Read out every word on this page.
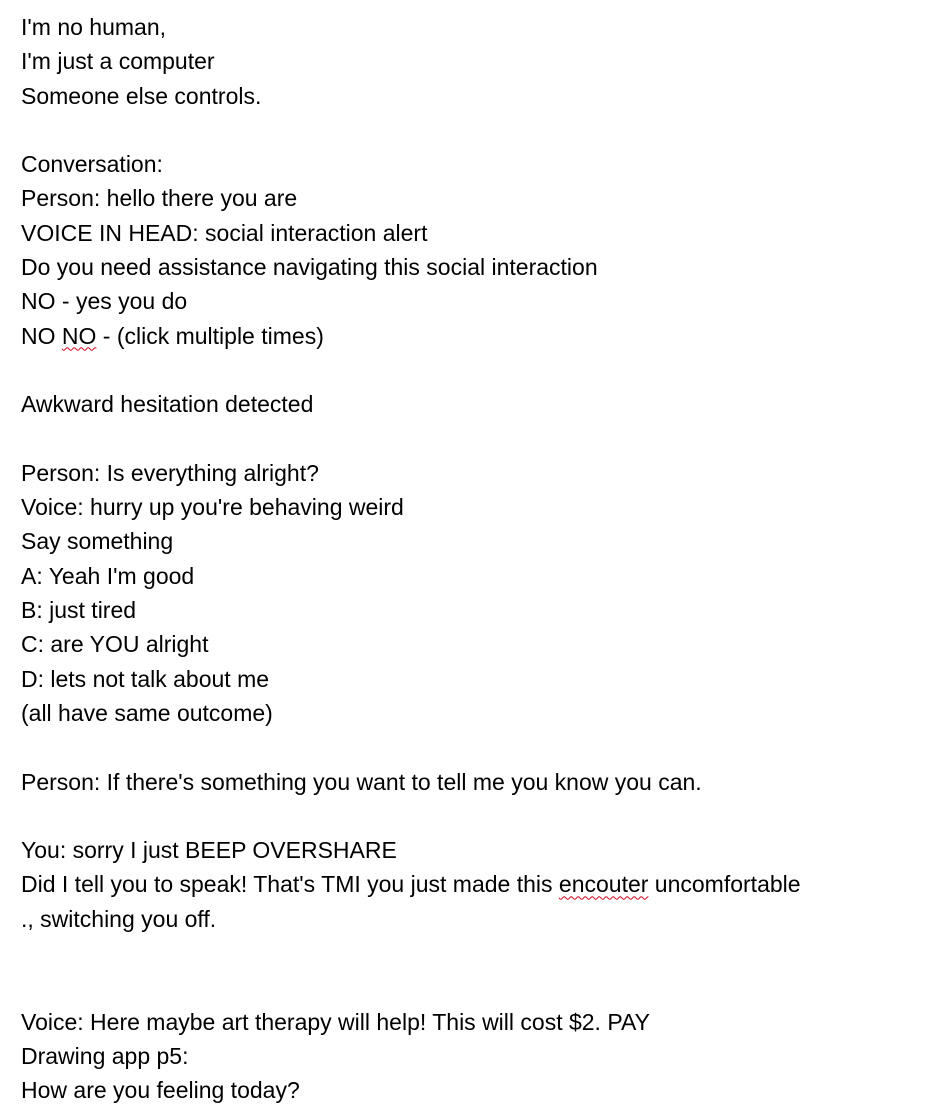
I'm no human,
I'm just a computer
Someone else controls.
Conversation:
Person: hello there you are
VOICE IN HEAD: social interaction alert
Do you need assistance navigating this social interaction
NO - yes you do
NO NO - (click multiple times)
Awkward hesitation detected
Person: Is everything alright?
Voice: hurry up you're behaving weird
Say something
A: Yeah I'm good
B: just tired
C: are YOU alright
D: lets not talk about me
(all have same outcome)
Person: If there's something you want to tell me you know you can.
You: sorry I just BEEP OVERSHARE
Did I tell you to speak! That's TMI you just made this encouter uncomfortable
., switching you off.
Voice: Here maybe art therapy will help! This will cost $2. PAY
Drawing app p5:
How are you feeling today?
